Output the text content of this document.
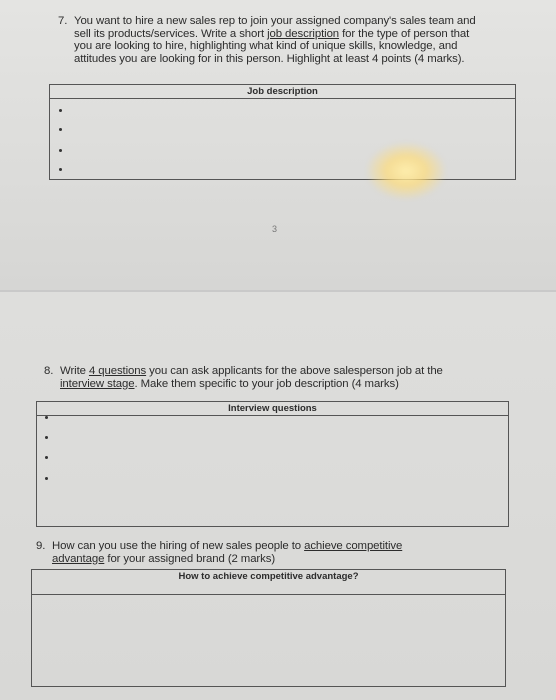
7. You want to hire a new sales rep to join your assigned company's sales team and

sell its products/services. Write a short job description for the type of person that

you are looking to hire, highlighting what kind of unique skills, knowledge, and

attitudes you are looking for in this person. Highlight at least 4 points (4 marks).

Job description
3
8. Write 4 questions you can ask applicants for the above salesperson job at the

interview stage. Make them specific to your job description (4 marks)

Interview questions
9. How can you use the hiring of new sales people to achieve competitive

advantage for your assigned brand (2 marks)

How to achieve competitive advantage?
